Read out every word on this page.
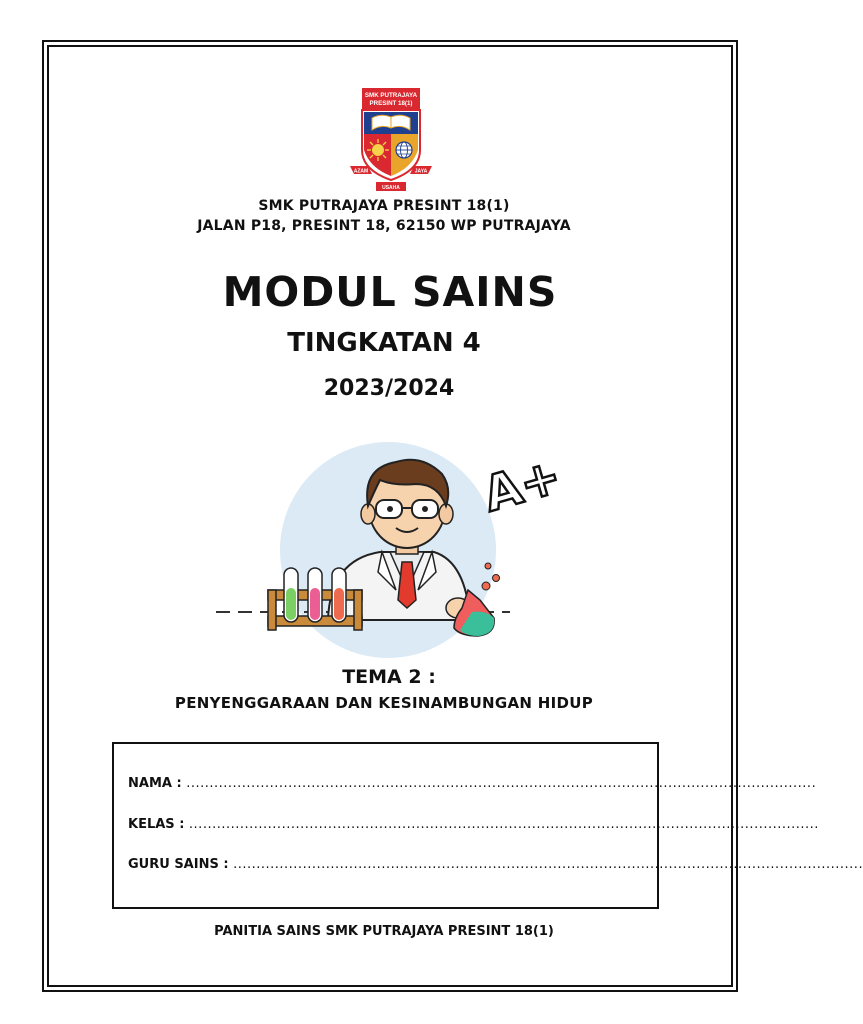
SMK PUTRAJAYA
PRESINT 18(1)
AZAM	JAYA
USAHA
SMK PUTRAJAYA PRESINT 18(1)
JALAN P18, PRESINT 18, 62150 WP PUTRAJAYA
MODUL SAINS
TINGKATAN 4
2023/2024
A+
TEMA 2 :
PENYENGGARAAN DAN KESINAMBUNGAN HIDUP
NAMA : ........................................................................................................................................
KELAS : ........................................................................................................................................
GURU SAINS : ........................................................................................................................................
PANITIA SAINS SMK PUTRAJAYA PRESINT 18(1)
